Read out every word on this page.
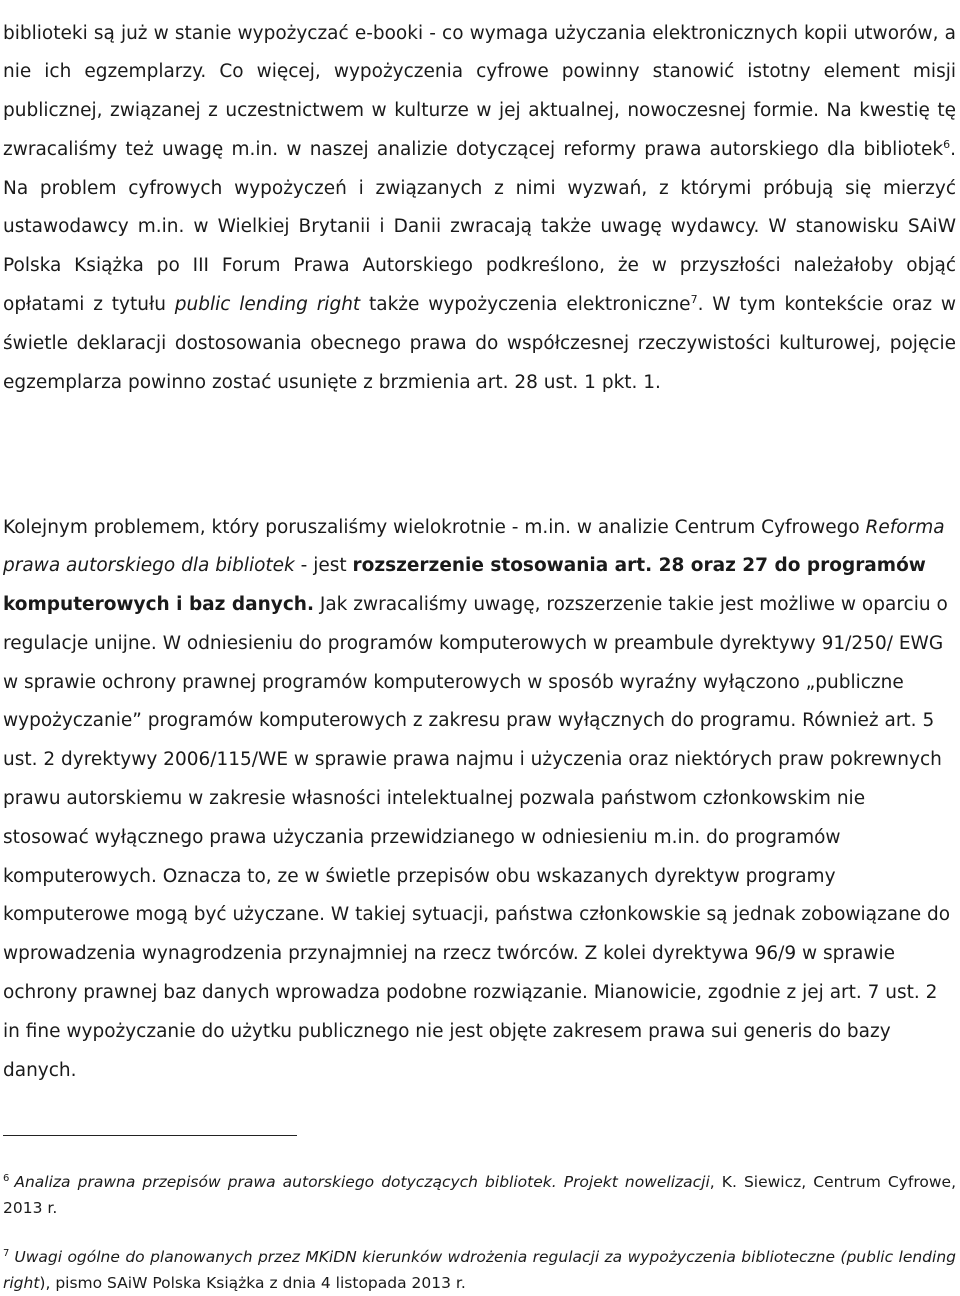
biblioteki są już w stanie wypożyczać e-booki - co wymaga użyczania elektronicznych kopii utworów, a nie ich egzemplarzy. Co więcej, wypożyczenia cyfrowe powinny stanowić istotny element misji publicznej, związanej z uczestnictwem w kulturze w jej aktualnej, nowoczesnej formie. Na kwestię tę zwracaliśmy też uwagę m.in. w naszej analizie dotyczącej reformy prawa autorskiego dla bibliotek$^6$. Na problem cyfrowych wypożyczeń i związanych z nimi wyzwań, z którymi próbują się mierzyć ustawodawcy m.in. w Wielkiej Brytanii i Danii zwracają także uwagę wydawcy. W stanowisku SAiW Polska Książka po III Forum Prawa Autorskiego podkreślono, że w przyszłości należałoby objąć opłatami z tytułu public lending right także wypożyczenia elektroniczne$^7$. W tym kontekście oraz w świetle deklaracji dostosowania obecnego prawa do współczesnej rzeczywistości kulturowej, pojęcie egzemplarza powinno zostać usunięte z brzmienia art. 28 ust. 1 pkt. 1.

Kolejnym problemem, który poruszaliśmy wielokrotnie - m.in. w analizie Centrum Cyfrowego Reforma prawa autorskiego dla bibliotek - jest rozszerzenie stosowania art. 28 oraz 27 do programów komputerowych i baz danych. Jak zwracaliśmy uwagę, rozszerzenie takie jest możliwe w oparciu o regulacje unijne. W odniesieniu do programów komputerowych w preambule dyrektywy 91/250/ EWG w sprawie ochrony prawnej programów komputerowych w sposób wyraźny wyłączono „publiczne wypożyczanie” programów komputerowych z zakresu praw wyłącznych do programu. Również art. 5 ust. 2 dyrektywy 2006/115/WE w sprawie prawa najmu i użyczenia oraz niektórych praw pokrewnych prawu autorskiemu w zakresie własności intelektualnej pozwala państwom członkowskim nie stosować wyłącznego prawa użyczania przewidzianego w odniesieniu m.in. do programów komputerowych. Oznacza to, ze w świetle przepisów obu wskazanych dyrektyw programy komputerowe mogą być użyczane. W takiej sytuacji, państwa członkowskie są jednak zobowiązane do wprowadzenia wynagrodzenia przynajmniej na rzecz twórców. Z kolei dyrektywa 96/9 w sprawie ochrony prawnej baz danych wprowadza podobne rozwiązanie. Mianowicie, zgodnie z jej art. 7 ust. 2 in fine wypożyczanie do użytku publicznego nie jest objęte zakresem prawa sui generis do bazy danych.

$^6$ Analiza prawna przepisów prawa autorskiego dotyczących bibliotek. Projekt nowelizacji, K. Siewicz, Centrum Cyfrowe, 2013 r.
$^7$ Uwagi ogólne do planowanych przez MKiDN kierunków wdrożenia regulacji za wypożyczenia biblioteczne (public lending right), pismo SAiW Polska Książka z dnia 4 listopada 2013 r.
